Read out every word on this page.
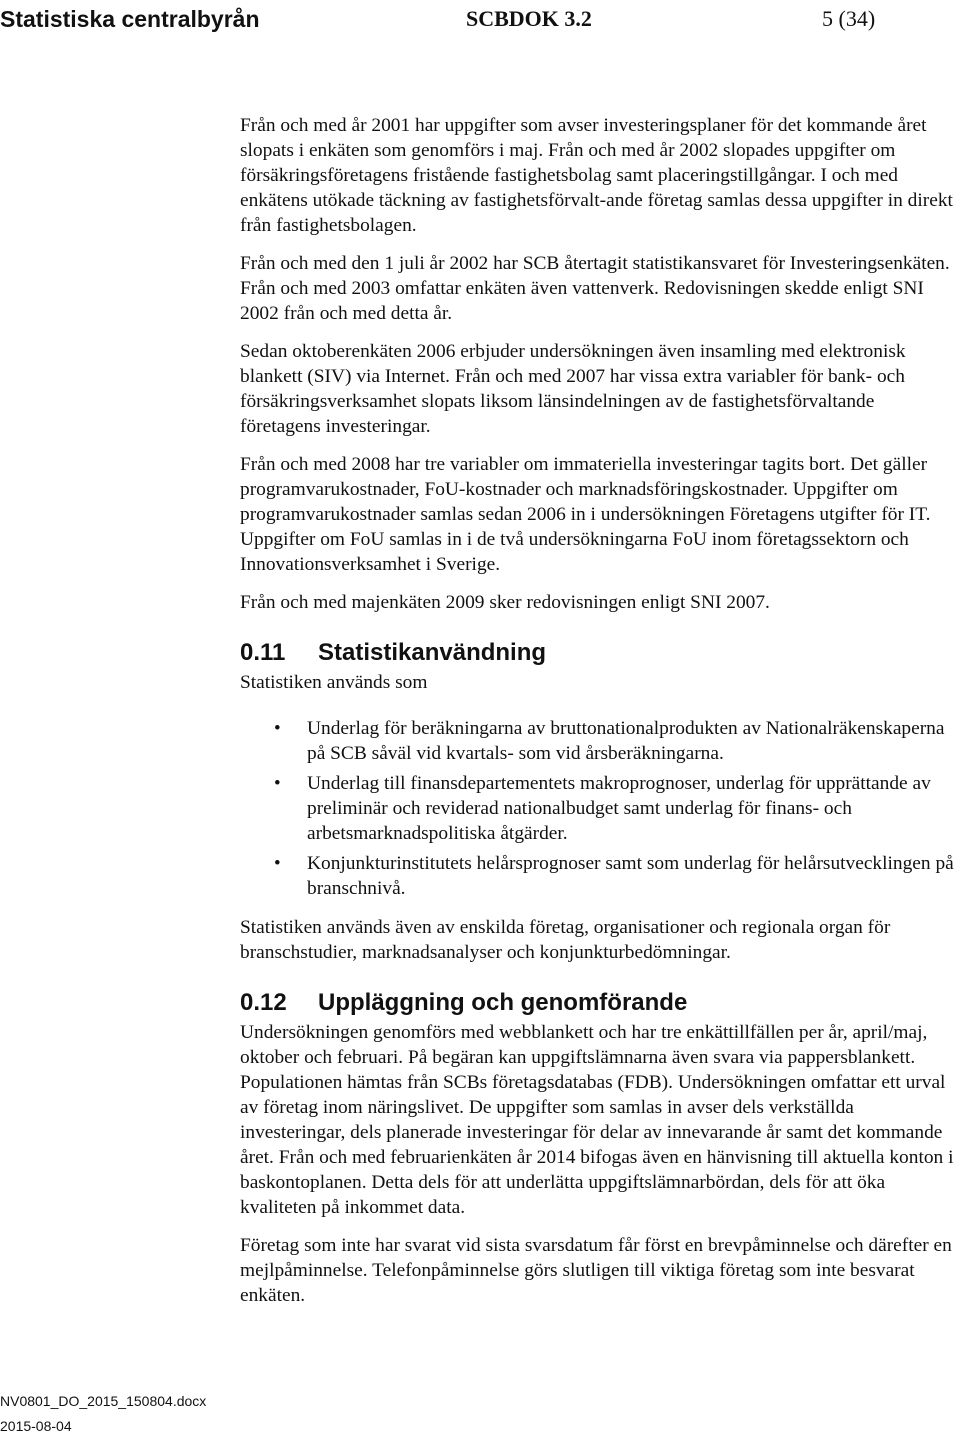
Statistiska centralbyrån	SCBDOK 3.2	5 (34)

Från och med år 2001 har uppgifter som avser investeringsplaner för det kommande året slopats i enkäten som genomförs i maj. Från och med år 2002 slopades uppgifter om försäkringsföretagens fristående fastighetsbolag samt placeringstillgångar. I och med enkätens utökade täckning av fastighetsförvalt-ande företag samlas dessa uppgifter in direkt från fastighetsbolagen.

Från och med den 1 juli år 2002 har SCB återtagit statistikansvaret för Investeringsenkäten. Från och med 2003 omfattar enkäten även vattenverk. Redovisningen skedde enligt SNI 2002 från och med detta år.

Sedan oktoberenkäten 2006 erbjuder undersökningen även insamling med elektronisk blankett (SIV) via Internet. Från och med 2007 har vissa extra variabler för bank- och försäkringsverksamhet slopats liksom länsindelningen av de fastighetsförvaltande företagens investeringar.

Från och med 2008 har tre variabler om immateriella investeringar tagits bort. Det gäller programvarukostnader, FoU-kostnader och marknadsföringskostnader. Uppgifter om programvarukostnader samlas sedan 2006 in i undersökningen Företagens utgifter för IT. Uppgifter om FoU samlas in i de två undersökningarna FoU inom företagssektorn och Innovationsverksamhet i Sverige.

Från och med majenkäten 2009 sker redovisningen enligt SNI 2007.

0.11 Statistikanvändning

Statistiken används som

• Underlag för beräkningarna av bruttonationalprodukten av Nationalräkenskaperna på SCB såväl vid kvartals- som vid årsberäkningarna.
• Underlag till finansdepartementets makroprognoser, underlag för upprättande av preliminär och reviderad nationalbudget samt underlag för finans- och arbetsmarknadspolitiska åtgärder.
• Konjunkturinstitutets helårsprognoser samt som underlag för helårsutvecklingen på branschnivå.

Statistiken används även av enskilda företag, organisationer och regionala organ för branschstudier, marknadsanalyser och konjunkturbedömningar.

0.12 Uppläggning och genomförande

Undersökningen genomförs med webblankett och har tre enkättillfällen per år, april/maj, oktober och februari. På begäran kan uppgiftslämnarna även svara via pappersblankett. Populationen hämtas från SCBs företagsdatabas (FDB). Undersökningen omfattar ett urval av företag inom näringslivet. De uppgifter som samlas in avser dels verkställda investeringar, dels planerade investeringar för delar av innevarande år samt det kommande året. Från och med februarienkäten år 2014 bifogas även en hänvisning till aktuella konton i baskontoplanen. Detta dels för att underlätta uppgiftslämnarbördan, dels för att öka kvaliteten på inkommet data.

Företag som inte har svarat vid sista svarsdatum får först en brevpåminnelse och därefter en mejlpåminnelse. Telefonpåminnelse görs slutligen till viktiga företag som inte besvarat enkäten.

NV0801_DO_2015_150804.docx
2015-08-04
